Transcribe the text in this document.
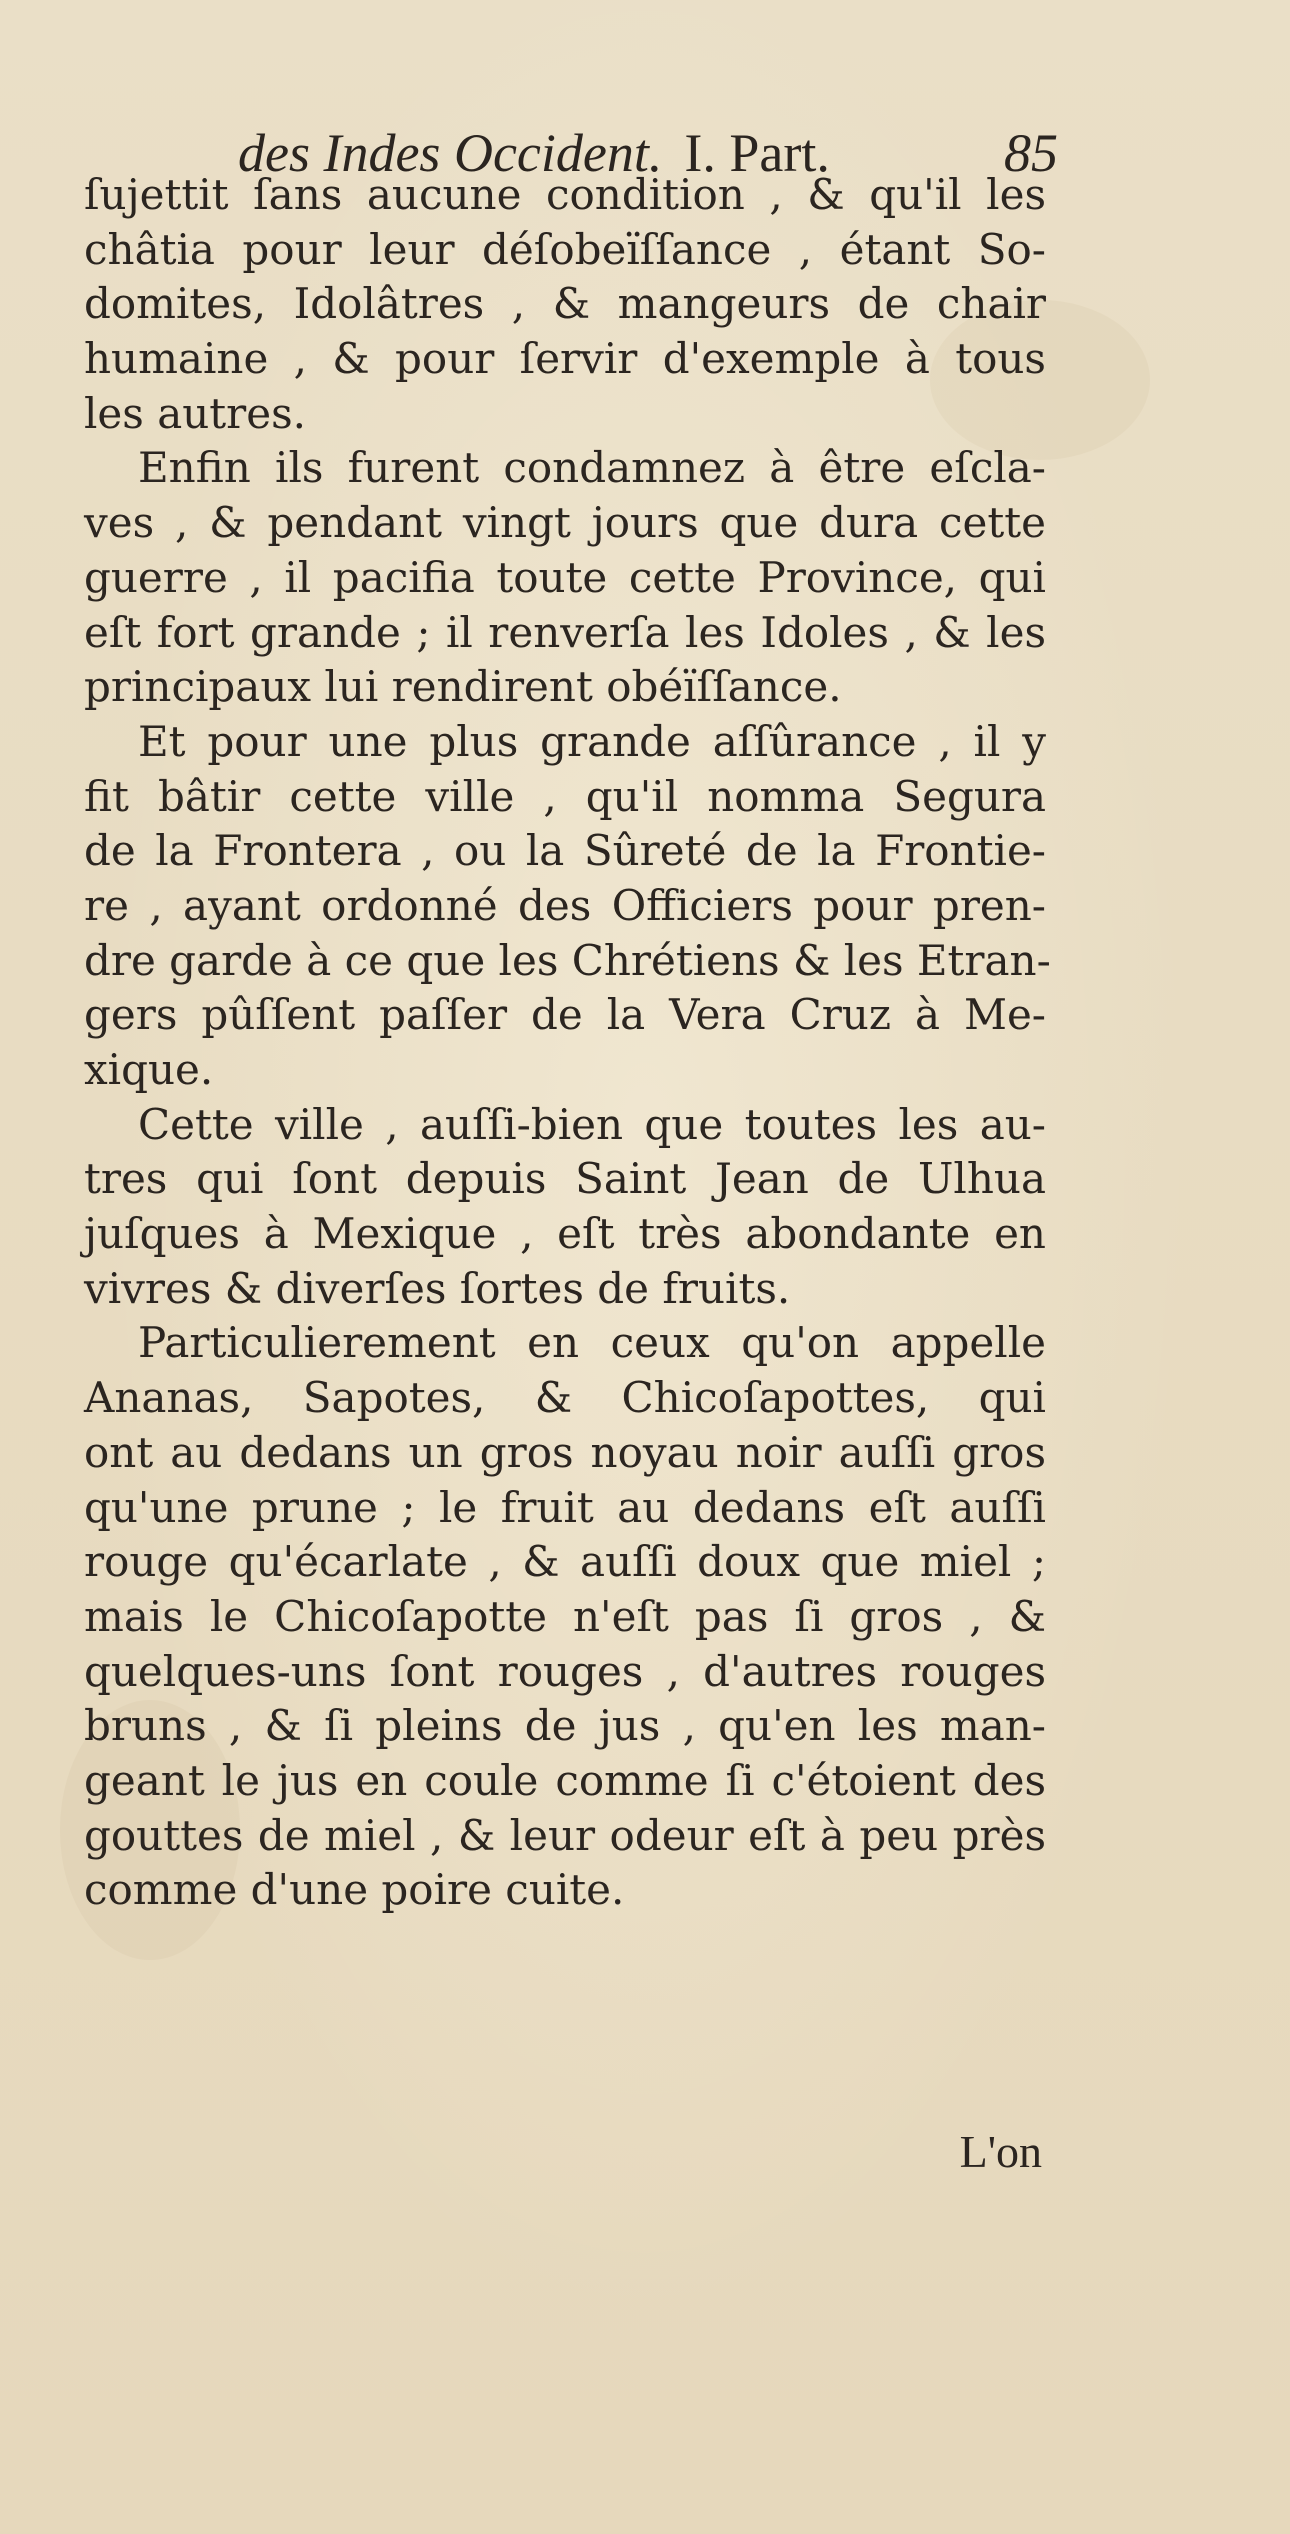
des Indes Occident. I. Part.	85
ſujettit ſans aucune condition , & qu'il les
châtia pour leur déſobeïſſance , étant So-
domites, Idolâtres , & mangeurs de chair
humaine , & pour ſervir d'exemple à tous
les autres.
Enfin ils furent condamnez à être eſcla-
ves , & pendant vingt jours que dura cette
guerre , il pacifia toute cette Province, qui
eſt fort grande ; il renverſa les Idoles , & les
principaux lui rendirent obéïſſance.
Et pour une plus grande aſſûrance , il y
fit bâtir cette ville , qu'il nomma Segura
de la Frontera , ou la Sûreté de la Frontie-
re , ayant ordonné des Officiers pour pren-
dre garde à ce que les Chrétiens & les Etran-
gers pûſſent paſſer de la Vera Cruz à Me-
xique.
Cette ville , auſſi-bien que toutes les au-
tres qui ſont depuis Saint Jean de Ulhua
juſques à Mexique , eſt très abondante en
vivres & diverſes ſortes de fruits.
Particulierement en ceux qu'on appelle
Ananas, Sapotes, & Chicoſapottes, qui
ont au dedans un gros noyau noir auſſi gros
qu'une prune ; le fruit au dedans eſt auſſi
rouge qu'écarlate , & auſſi doux que miel ;
mais le Chicoſapotte n'eſt pas ſi gros , &
quelques-uns ſont rouges , d'autres rouges
bruns , & ſi pleins de jus , qu'en les man-
geant le jus en coule comme ſi c'étoient des
gouttes de miel , & leur odeur eſt à peu près
comme d'une poire cuite.
L'on
